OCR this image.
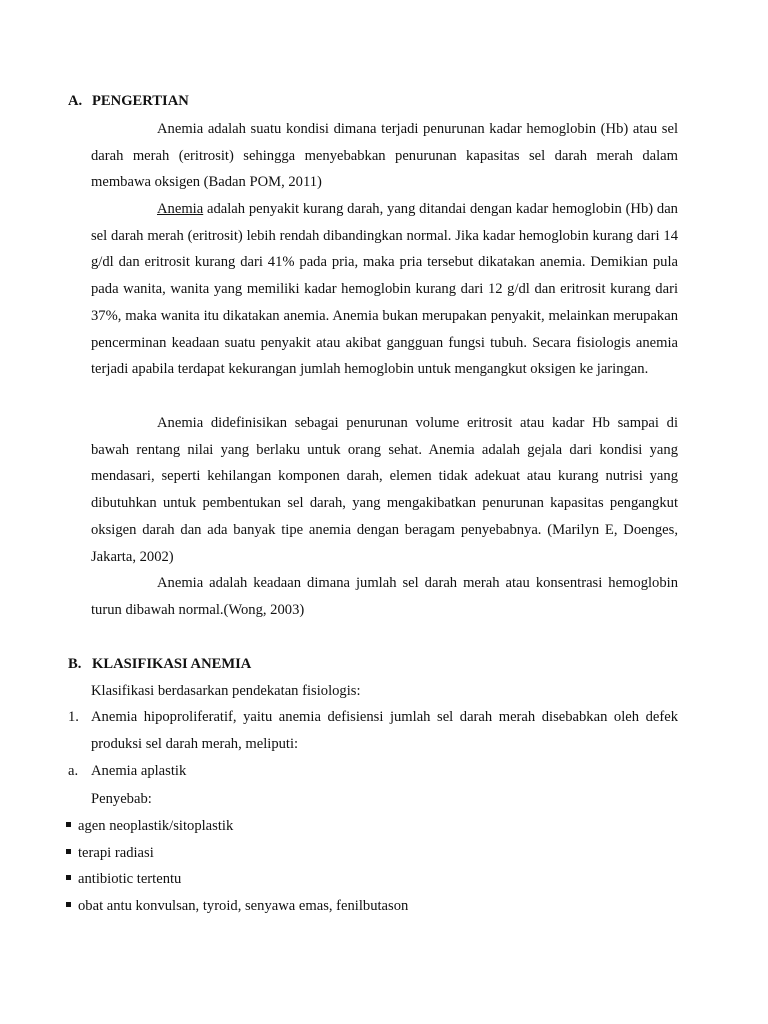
A. PENGERTIAN

Anemia adalah suatu kondisi dimana terjadi penurunan kadar hemoglobin (Hb) atau sel darah merah (eritrosit) sehingga menyebabkan penurunan kapasitas sel darah merah dalam membawa oksigen (Badan POM, 2011)

Anemia adalah penyakit kurang darah, yang ditandai dengan kadar hemoglobin (Hb) dan sel darah merah (eritrosit) lebih rendah dibandingkan normal. Jika kadar hemoglobin kurang dari 14 g/dl dan eritrosit kurang dari 41% pada pria, maka pria tersebut dikatakan anemia. Demikian pula pada wanita, wanita yang memiliki kadar hemoglobin kurang dari 12 g/dl dan eritrosit kurang dari 37%, maka wanita itu dikatakan anemia. Anemia bukan merupakan penyakit, melainkan merupakan pencerminan keadaan suatu penyakit atau akibat gangguan fungsi tubuh. Secara fisiologis anemia terjadi apabila terdapat kekurangan jumlah hemoglobin untuk mengangkut oksigen ke jaringan.

Anemia didefinisikan sebagai penurunan volume eritrosit atau kadar Hb sampai di bawah rentang nilai yang berlaku untuk orang sehat. Anemia adalah gejala dari kondisi yang mendasari, seperti kehilangan komponen darah, elemen tidak adekuat atau kurang nutrisi yang dibutuhkan untuk pembentukan sel darah, yang mengakibatkan penurunan kapasitas pengangkut oksigen darah dan ada banyak tipe anemia dengan beragam penyebabnya. (Marilyn E, Doenges, Jakarta, 2002)

Anemia adalah keadaan dimana jumlah sel darah merah atau konsentrasi hemoglobin turun dibawah normal.(Wong, 2003)

B. KLASIFIKASI ANEMIA
Klasifikasi berdasarkan pendekatan fisiologis:
1. Anemia hipoproliferatif, yaitu anemia defisiensi jumlah sel darah merah disebabkan oleh defek produksi sel darah merah, meliputi:
a. Anemia aplastik
Penyebab:
agen neoplastik/sitoplastik
terapi radiasi
antibiotic tertentu
obat antu konvulsan, tyroid, senyawa emas, fenilbutason
